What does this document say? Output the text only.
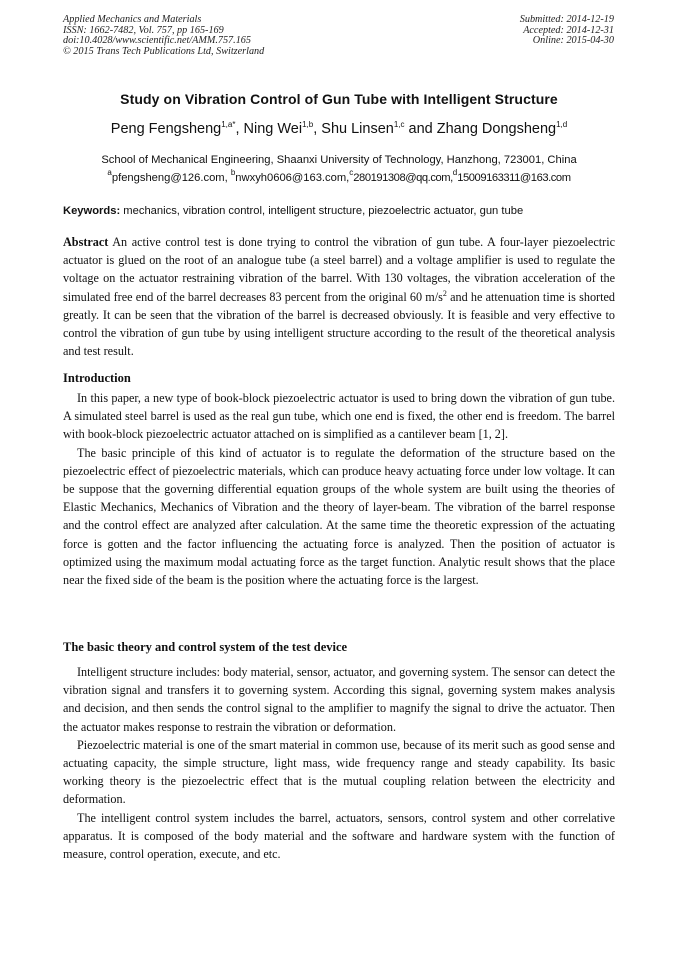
Applied Mechanics and Materials
ISSN: 1662-7482, Vol. 757, pp 165-169
doi:10.4028/www.scientific.net/AMM.757.165
© 2015 Trans Tech Publications Ltd, Switzerland
Submitted: 2014-12-19
Accepted: 2014-12-31
Online: 2015-04-30
Study on Vibration Control of Gun Tube with Intelligent Structure
Peng Fengsheng$^{1,a*}$, Ning Wei$^{1,b}$, Shu Linsen$^{1,c}$ and Zhang Dongsheng$^{1,d}$
School of Mechanical Engineering, Shaanxi University of Technology, Hanzhong, 723001, China
$^a$pfengsheng@126.com, $^b$nwxyh0606@163.com,$^c$280191308@qq.com,$^d$15009163311@163.com
Keywords: mechanics, vibration control, intelligent structure, piezoelectric actuator, gun tube

Abstract An active control test is done trying to control the vibration of gun tube. A four-layer piezoelectric actuator is glued on the root of an analogue tube (a steel barrel) and a voltage amplifier is used to regulate the voltage on the actuator restraining vibration of the barrel. With 130 voltages, the vibration acceleration of the simulated free end of the barrel decreases 83 percent from the original 60 $m/s^2$ and he attenuation time is shorted greatly. It can be seen that the vibration of the barrel is decreased obviously. It is feasible and very effective to control the vibration of gun tube by using intelligent structure according to the result of the theoretical analysis and test result.

Introduction

In this paper, a new type of book-block piezoelectric actuator is used to bring down the vibration of gun tube. A simulated steel barrel is used as the real gun tube, which one end is fixed, the other end is freedom. The barrel with book-block piezoelectric actuator attached on is simplified as a cantilever beam [1, 2].

The basic principle of this kind of actuator is to regulate the deformation of the structure based on the piezoelectric effect of piezoelectric materials, which can produce heavy actuating force under low voltage. It can be suppose that the governing differential equation groups of the whole system are built using the theories of Elastic Mechanics, Mechanics of Vibration and the theory of layer-beam. The vibration of the barrel response and the control effect are analyzed after calculation. At the same time the theoretic expression of the actuating force is gotten and the factor influencing the actuating force is analyzed. Then the position of actuator is optimized using the maximum modal actuating force as the target function. Analytic result shows that the place near the fixed side of the beam is the position where the actuating force is the largest.

The basic theory and control system of the test device

Intelligent structure includes: body material, sensor, actuator, and governing system. The sensor can detect the vibration signal and transfers it to governing system. According this signal, governing system makes analysis and decision, and then sends the control signal to the amplifier to magnify the signal to drive the actuator. Then the actuator makes response to restrain the vibration or deformation.

Piezoelectric material is one of the smart material in common use, because of its merit such as good sense and actuating capacity, the simple structure, light mass, wide frequency range and steady capability. Its basic working theory is the piezoelectric effect that is the mutual coupling relation between the electricity and deformation.

The intelligent control system includes the barrel, actuators, sensors, control system and other correlative apparatus. It is composed of the body material and the software and hardware system with the function of measure, control operation, execute, and etc.
